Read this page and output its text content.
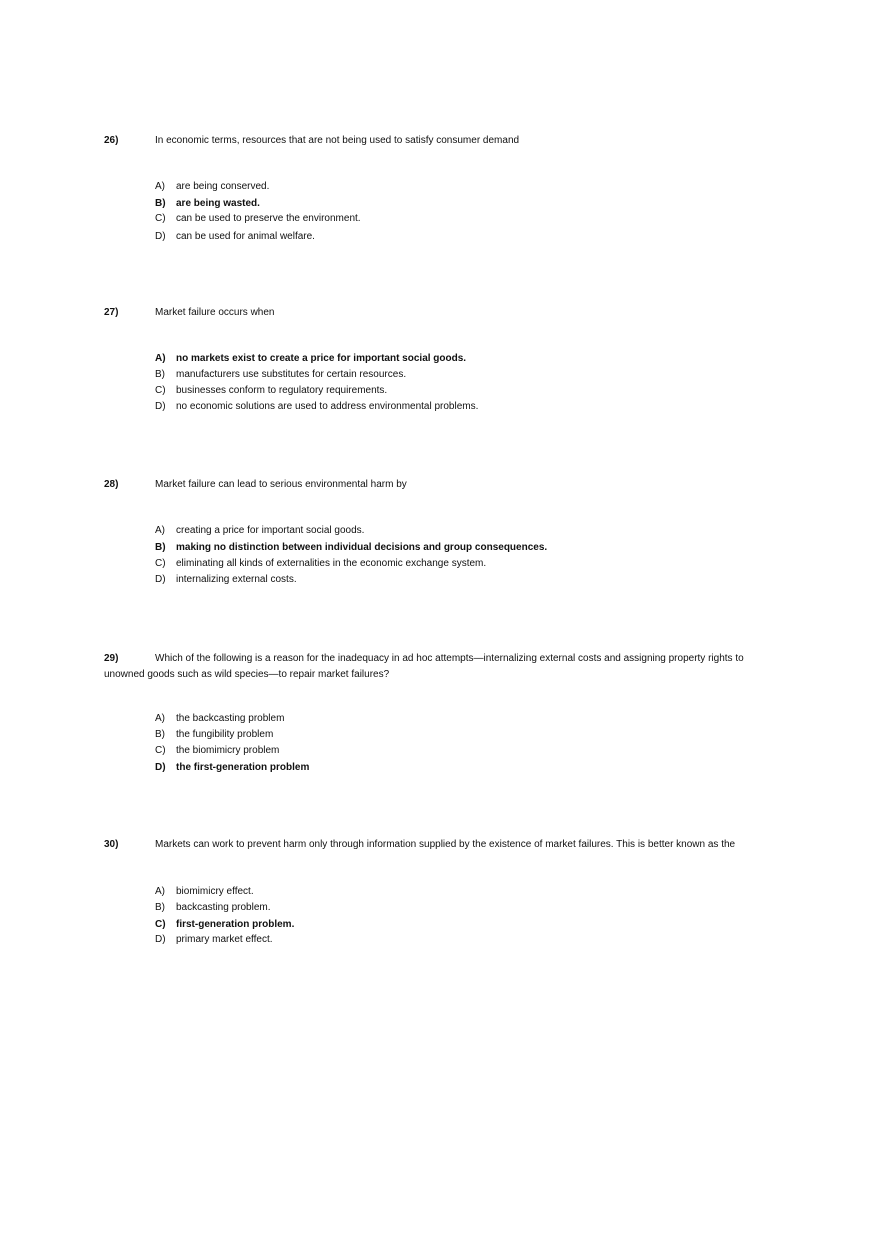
26)	In economic terms, resources that are not being used to satisfy consumer demand
A) are being conserved.
B) are being wasted.
C) can be used to preserve the environment.
D) can be used for animal welfare.
27)	Market failure occurs when
A) no markets exist to create a price for important social goods.
B) manufacturers use substitutes for certain resources.
C) businesses conform to regulatory requirements.
D) no economic solutions are used to address environmental problems.
28)	Market failure can lead to serious environmental harm by
A) creating a price for important social goods.
B) making no distinction between individual decisions and group consequences.
C) eliminating all kinds of externalities in the economic exchange system.
D) internalizing external costs.
29)	Which of the following is a reason for the inadequacy in ad hoc attempts—internalizing external costs and assigning property rights to unowned goods such as wild species—to repair market failures?
A) the backcasting problem
B) the fungibility problem
C) the biomimicry problem
D) the first-generation problem
30)	Markets can work to prevent harm only through information supplied by the existence of market failures. This is better known as the
A) biomimicry effect.
B) backcasting problem.
C) first-generation problem.
D) primary market effect.
